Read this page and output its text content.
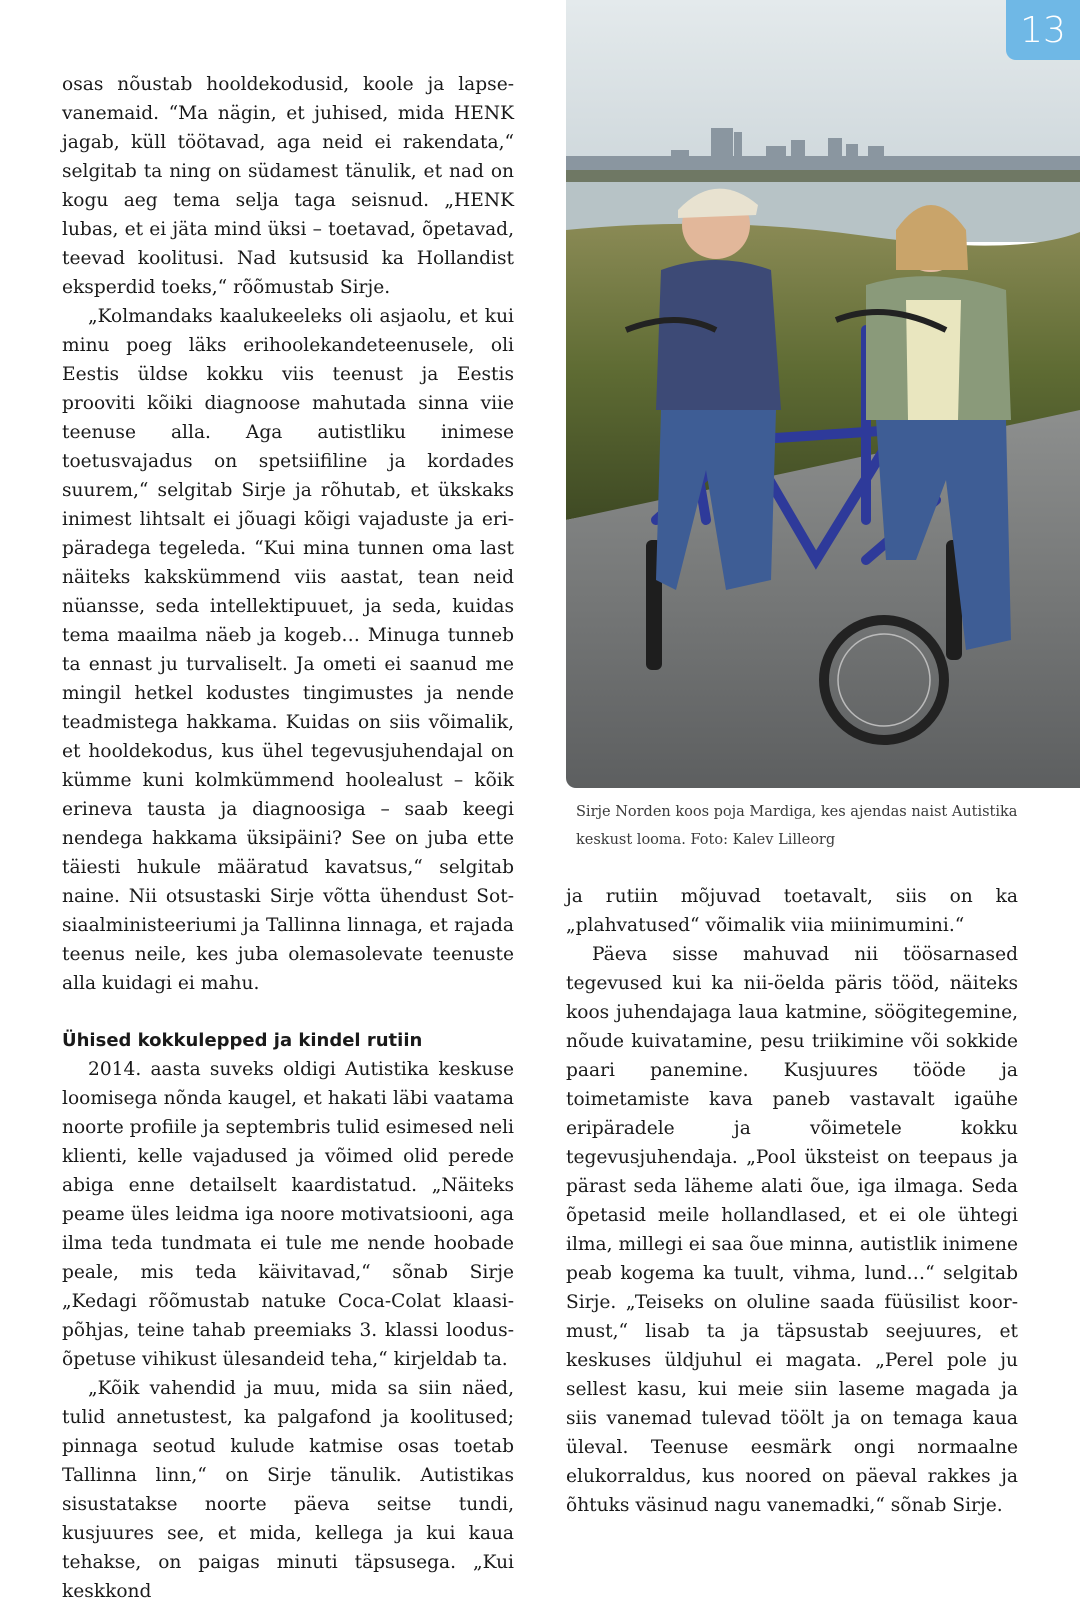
13
Sirje Norden koos poja Mardiga, kes ajendas naist Autistika keskust looma. Foto: Kalev Lilleorg

osas nõustab hooldekodusid, koole ja lapsevanemaid. “Ma nägin, et juhised, mida HENK jagab, küll töötavad, aga neid ei rakendata,“ selgitab ta ning on südamest tänulik, et nad on kogu aeg tema selja taga seisnud. „HENK lubas, et ei jäta mind üksi – toetavad, õpetavad, teevad koolitusi. Nad kutsusid ka Hollandist eksperdid toeks,“ rõõmustab Sirje.

„Kolmandaks kaalukeeleks oli asjaolu, et kui minu poeg läks erihoolekandeteenusele, oli Eestis üldse kokku viis teenust ja Eestis prooviti kõiki diagnoose mahutada sinna viie teenuse alla. Aga autistliku inimese toetusvajadus on spetsiifiline ja kordades suurem,“ selgitab Sirje ja rõhutab, et ükskaks inimest lihtsalt ei jõuagi kõigi vajaduste ja eripäradega tegeleda. “Kui mina tunnen oma last näiteks kakskümmend viis aastat, tean neid nüansse, seda intellektipuuet, ja seda, kuidas tema maailma näeb ja kogeb… Minuga tunneb ta ennast ju turvaliselt. Ja ometi ei saanud me mingil hetkel kodustes tingimustes ja nende teadmistega hakkama. Kuidas on siis võimalik, et hooldekodus, kus ühel tegevusjuhendajal on kümme kuni kolmkümmend hoolealust – kõik erineva tausta ja diagnoosiga – saab keegi nendega hakkama üksipäini? See on juba ette täiesti hukule määratud kavatsus,“ selgitab naine. Nii otsustaski Sirje võtta ühendust Sotsiaalministeeriumi ja Tallinna linnaga, et rajada teenus neile, kes juba olemasolevate teenuste alla kuidagi ei mahu.

Ühised kokkulepped ja kindel rutiin

2014. aasta suveks oldigi Autistika keskuse loomisega nõnda kaugel, et hakati läbi vaatama noorte profiile ja septembris tulid esimesed neli klienti, kelle vajadused ja võimed olid perede abiga enne detailselt kaardistatud. „Näiteks peame üles leidma iga noore motivatsiooni, aga ilma teda tundmata ei tule me nende hoobade peale, mis teda käivitavad,“ sõnab Sirje „Kedagi rõõmustab natuke Coca-Colat klaasipõhjas, teine tahab preemiaks 3. klassi loodusõpetuse vihikust ülesandeid teha,“ kirjeldab ta.

„Kõik vahendid ja muu, mida sa siin näed, tulid annetustest, ka palgafond ja koolitused; pinnaga seotud kulude katmise osas toetab Tallinna linn,“ on Sirje tänulik. Autistikas sisustatakse noorte päeva seitse tundi, kusjuures see, et mida, kellega ja kui kaua tehakse, on paigas minuti täpsusega. „Kui keskkond

ja rutiin mõjuvad toetavalt, siis on ka „plahvatused“ võimalik viia miinimumini.“

Päeva sisse mahuvad nii töösarnased tegevused kui ka nii-öelda päris tööd, näiteks koos juhendajaga laua katmine, söögitegemine, nõude kuivatamine, pesu triikimine või sokkide paari panemine. Kusjuures tööde ja toimetamiste kava paneb vastavalt igaühe eripäradele ja võimetele kokku tegevusjuhendaja. „Pool üksteist on teepaus ja pärast seda läheme alati õue, iga ilmaga. Seda õpetasid meile hollandlased, et ei ole ühtegi ilma, millegi ei saa õue minna, autistlik inimene peab kogema ka tuult, vihma, lund…“ selgitab Sirje. „Teiseks on oluline saada füüsilist koormust,“ lisab ta ja täpsustab seejuures, et keskuses üldjuhul ei magata. „Perel pole ju sellest kasu, kui meie siin laseme magada ja siis vanemad tulevad töölt ja on temaga kaua üleval. Teenuse eesmärk ongi normaalne elukorraldus, kus noored on päeval rakkes ja õhtuks väsinud nagu vanemadki,“ sõnab Sirje.
